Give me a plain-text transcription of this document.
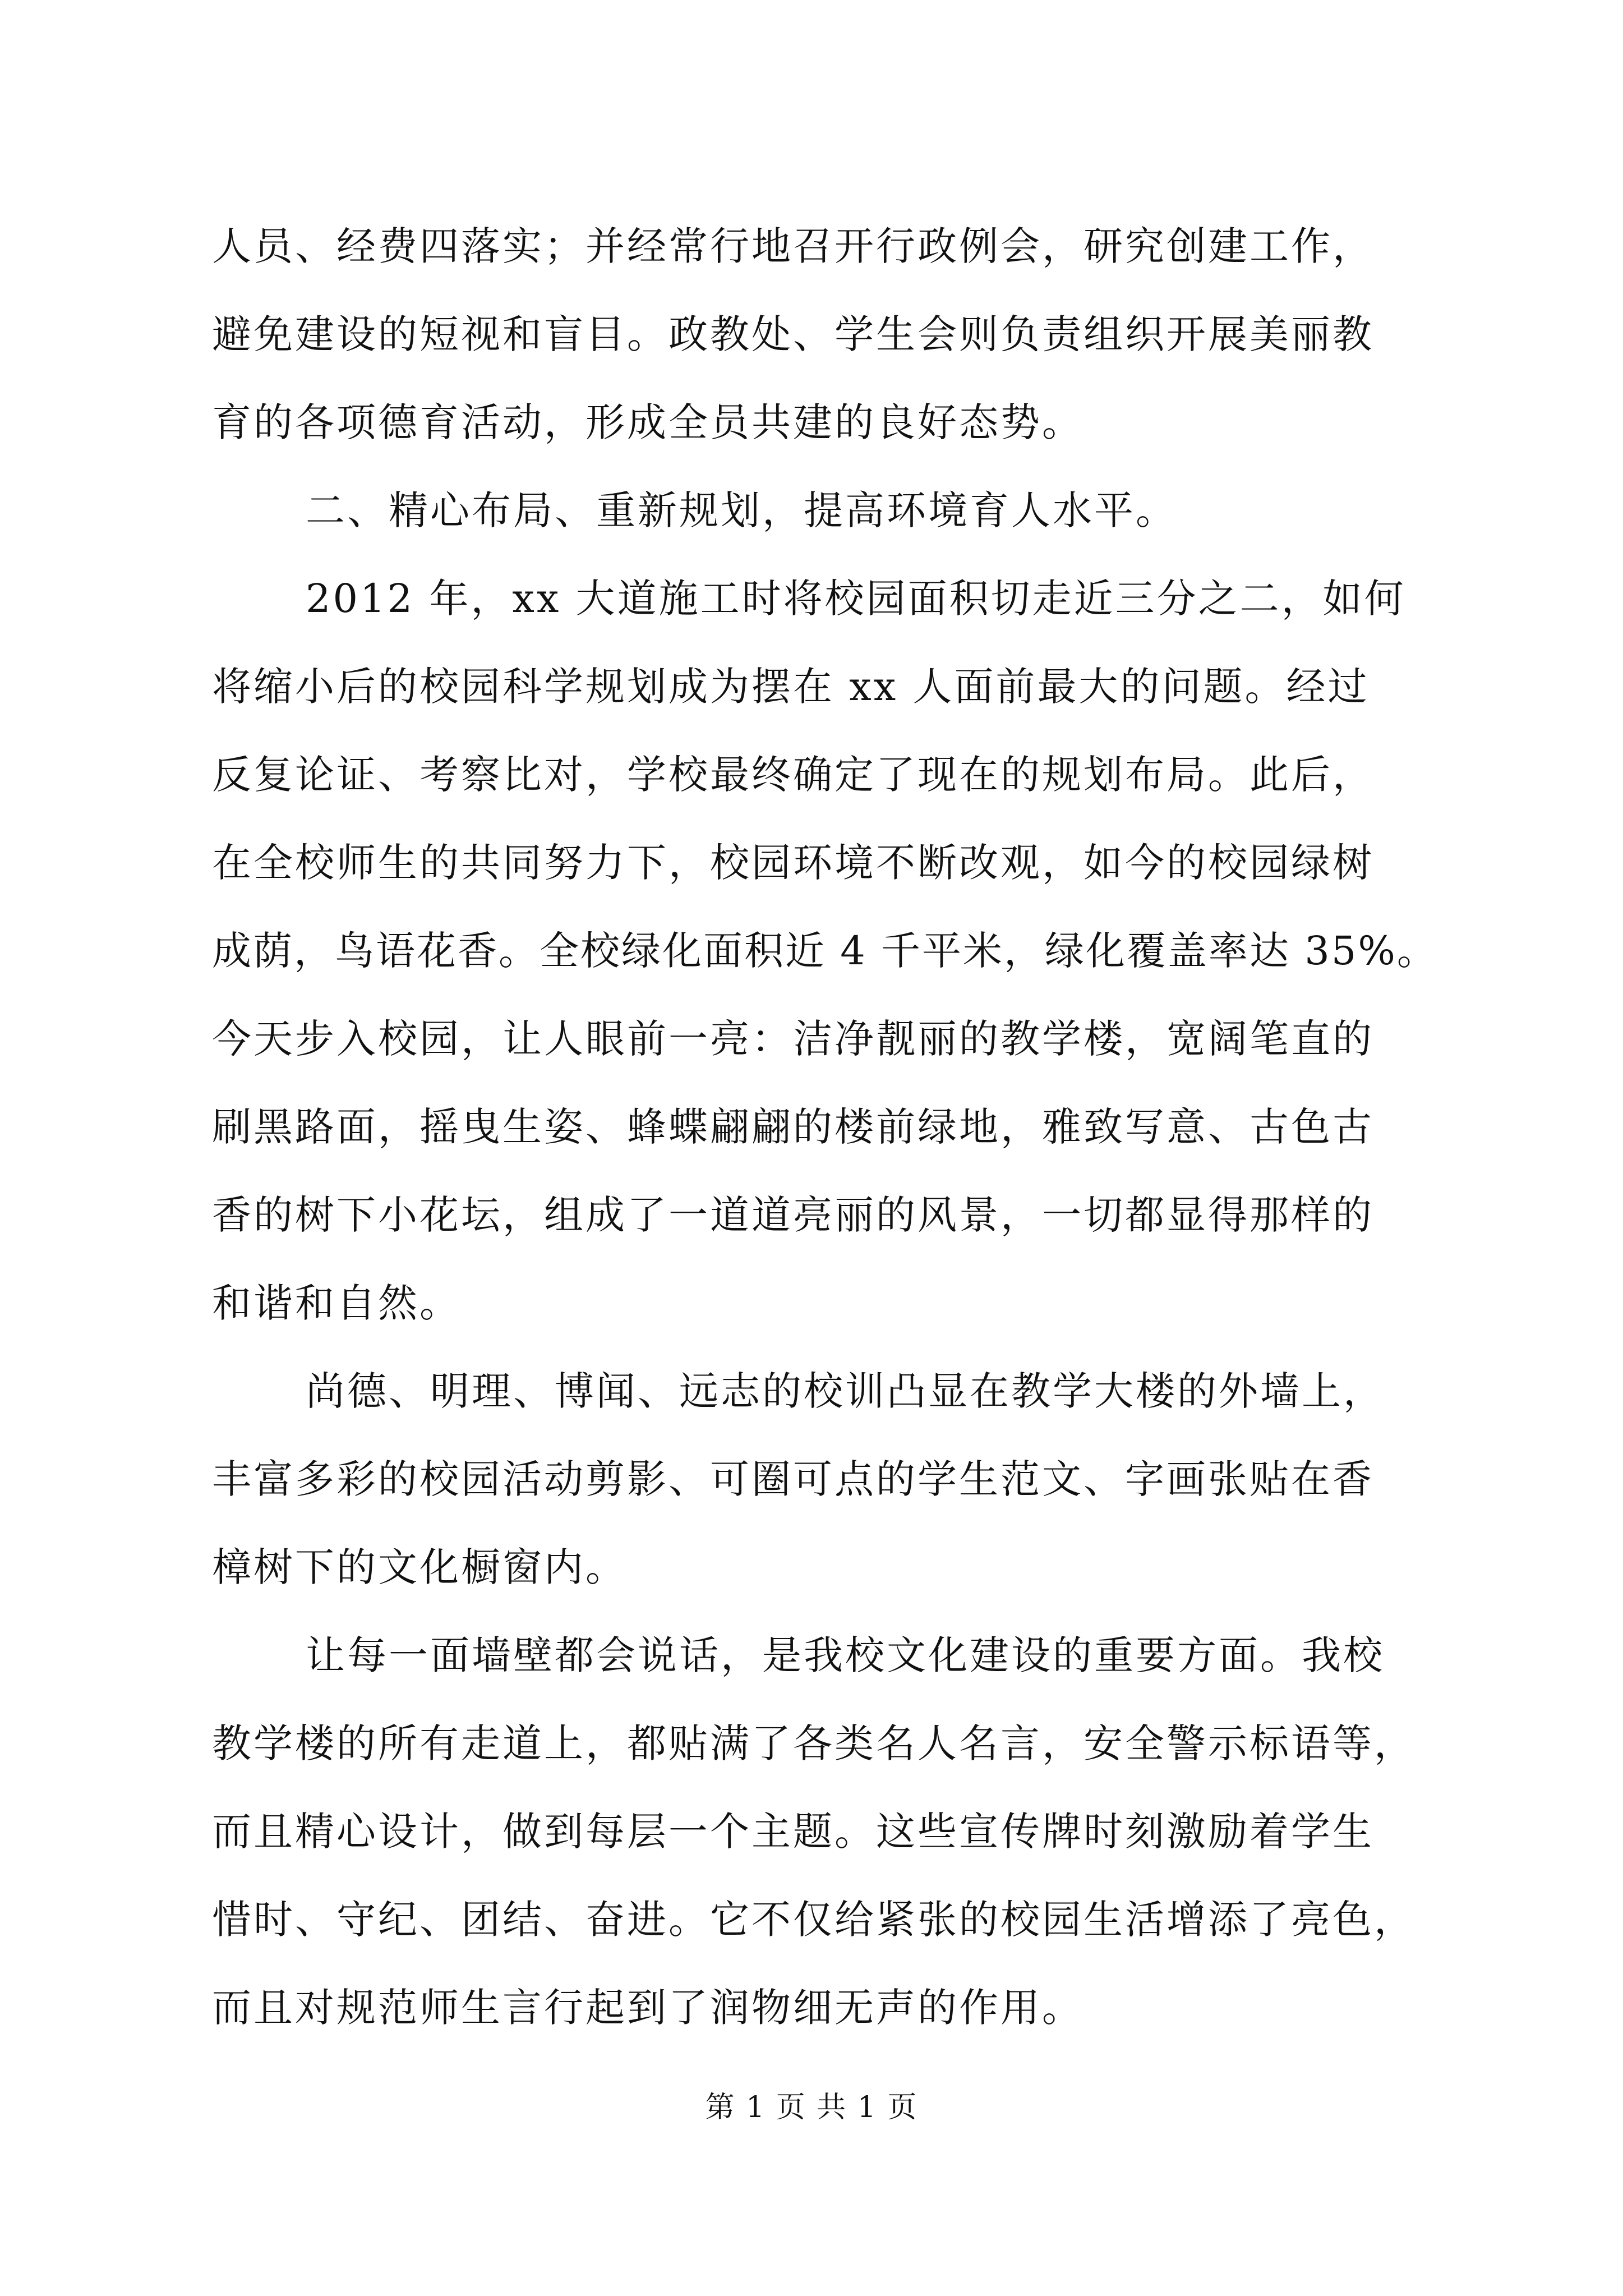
人员、经费四落实；并经常行地召开行政例会，研究创建工作，
避免建设的短视和盲目。政教处、学生会则负责组织开展美丽教
育的各项德育活动，形成全员共建的良好态势。
二、精心布局、重新规划，提高环境育人水平。
2012 年，xx 大道施工时将校园面积切走近三分之二，如何
将缩小后的校园科学规划成为摆在 xx 人面前最大的问题。经过
反复论证、考察比对，学校最终确定了现在的规划布局。此后，
在全校师生的共同努力下，校园环境不断改观，如今的校园绿树
成荫，鸟语花香。全校绿化面积近 4 千平米，绿化覆盖率达 35%。
今天步入校园，让人眼前一亮：洁净靓丽的教学楼，宽阔笔直的
刷黑路面，摇曳生姿、蜂蝶翩翩的楼前绿地，雅致写意、古色古
香的树下小花坛，组成了一道道亮丽的风景，一切都显得那样的
和谐和自然。
尚德、明理、博闻、远志的校训凸显在教学大楼的外墙上，
丰富多彩的校园活动剪影、可圈可点的学生范文、字画张贴在香
樟树下的文化橱窗内。
让每一面墙壁都会说话，是我校文化建设的重要方面。我校
教学楼的所有走道上，都贴满了各类名人名言，安全警示标语等，
而且精心设计，做到每层一个主题。这些宣传牌时刻激励着学生
惜时、守纪、团结、奋进。它不仅给紧张的校园生活增添了亮色，
而且对规范师生言行起到了润物细无声的作用。
第 1 页 共 1 页
